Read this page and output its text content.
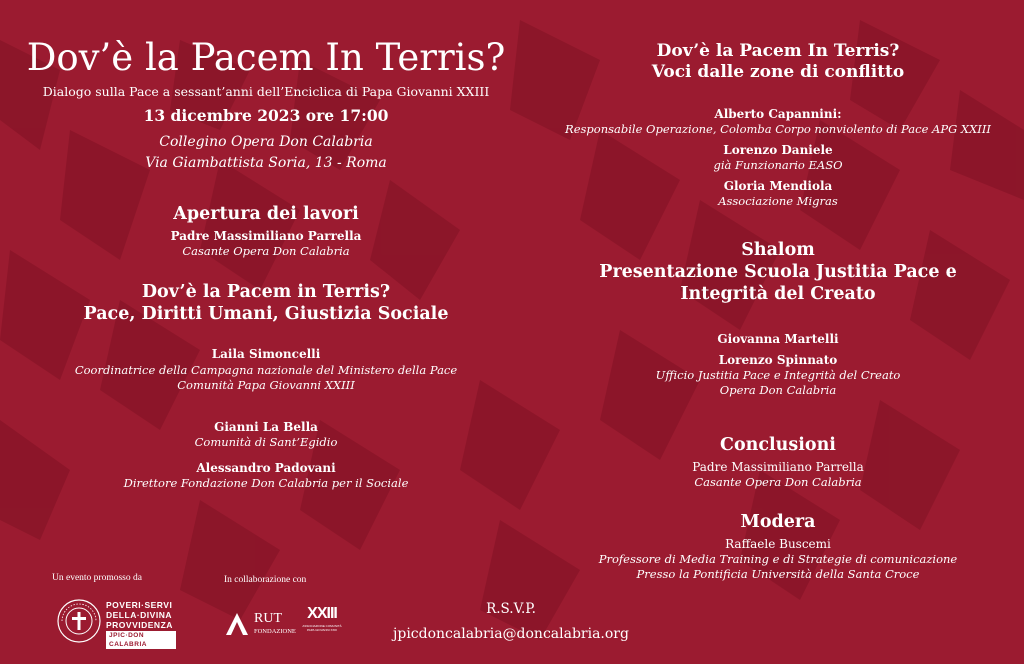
Dov’è la Pacem In Terris?
Dialogo sulla Pace a sessant’anni dell’Enciclica di Papa Giovanni XXIII
13 dicembre 2023 ore 17:00
Collegino Opera Don Calabria
Via Giambattista Soria, 13 - Roma
Apertura dei lavori
Padre Massimiliano Parrella
Casante Opera Don Calabria
Dov’è la Pacem in Terris?
Pace, Diritti Umani, Giustizia Sociale
Laila Simoncelli
Coordinatrice della Campagna nazionale del Ministero della Pace
Comunità Papa Giovanni XXIII
Gianni La Bella
Comunità di Sant’Egidio
Alessandro Padovani
Direttore Fondazione Don Calabria per il Sociale
Dov’è la Pacem In Terris?
Voci dalle zone di conflitto
Alberto Capannini:
Responsabile Operazione, Colomba Corpo nonviolento di Pace APG XXIII
Lorenzo Daniele
già Funzionario EASO
Gloria Mendiola
Associazione Migras
Shalom
Presentazione Scuola Justitia Pace e
Integrità del Creato
Giovanna Martelli
Lorenzo Spinnato
Ufficio Justitia Pace e Integrità del Creato
Opera Don Calabria
Conclusioni
Padre Massimiliano Parrella
Casante Opera Don Calabria
Modera
Raffaele Buscemi
Professore di Media Training e di Strategie di comunicazione
Presso la Pontificia Università della Santa Croce
Un evento promosso da	In collaborazione con
POVERI·SERVI
DELLA·DIVINA
PROVVIDENZA
JPIC·DON CALABRIA
RUT
FONDAZIONE
XXIII
ASSOCIAZIONE COMUNITÀ PAPA GIOVANNI XXIII
R.S.V.P.
jpicdoncalabria@doncalabria.org
